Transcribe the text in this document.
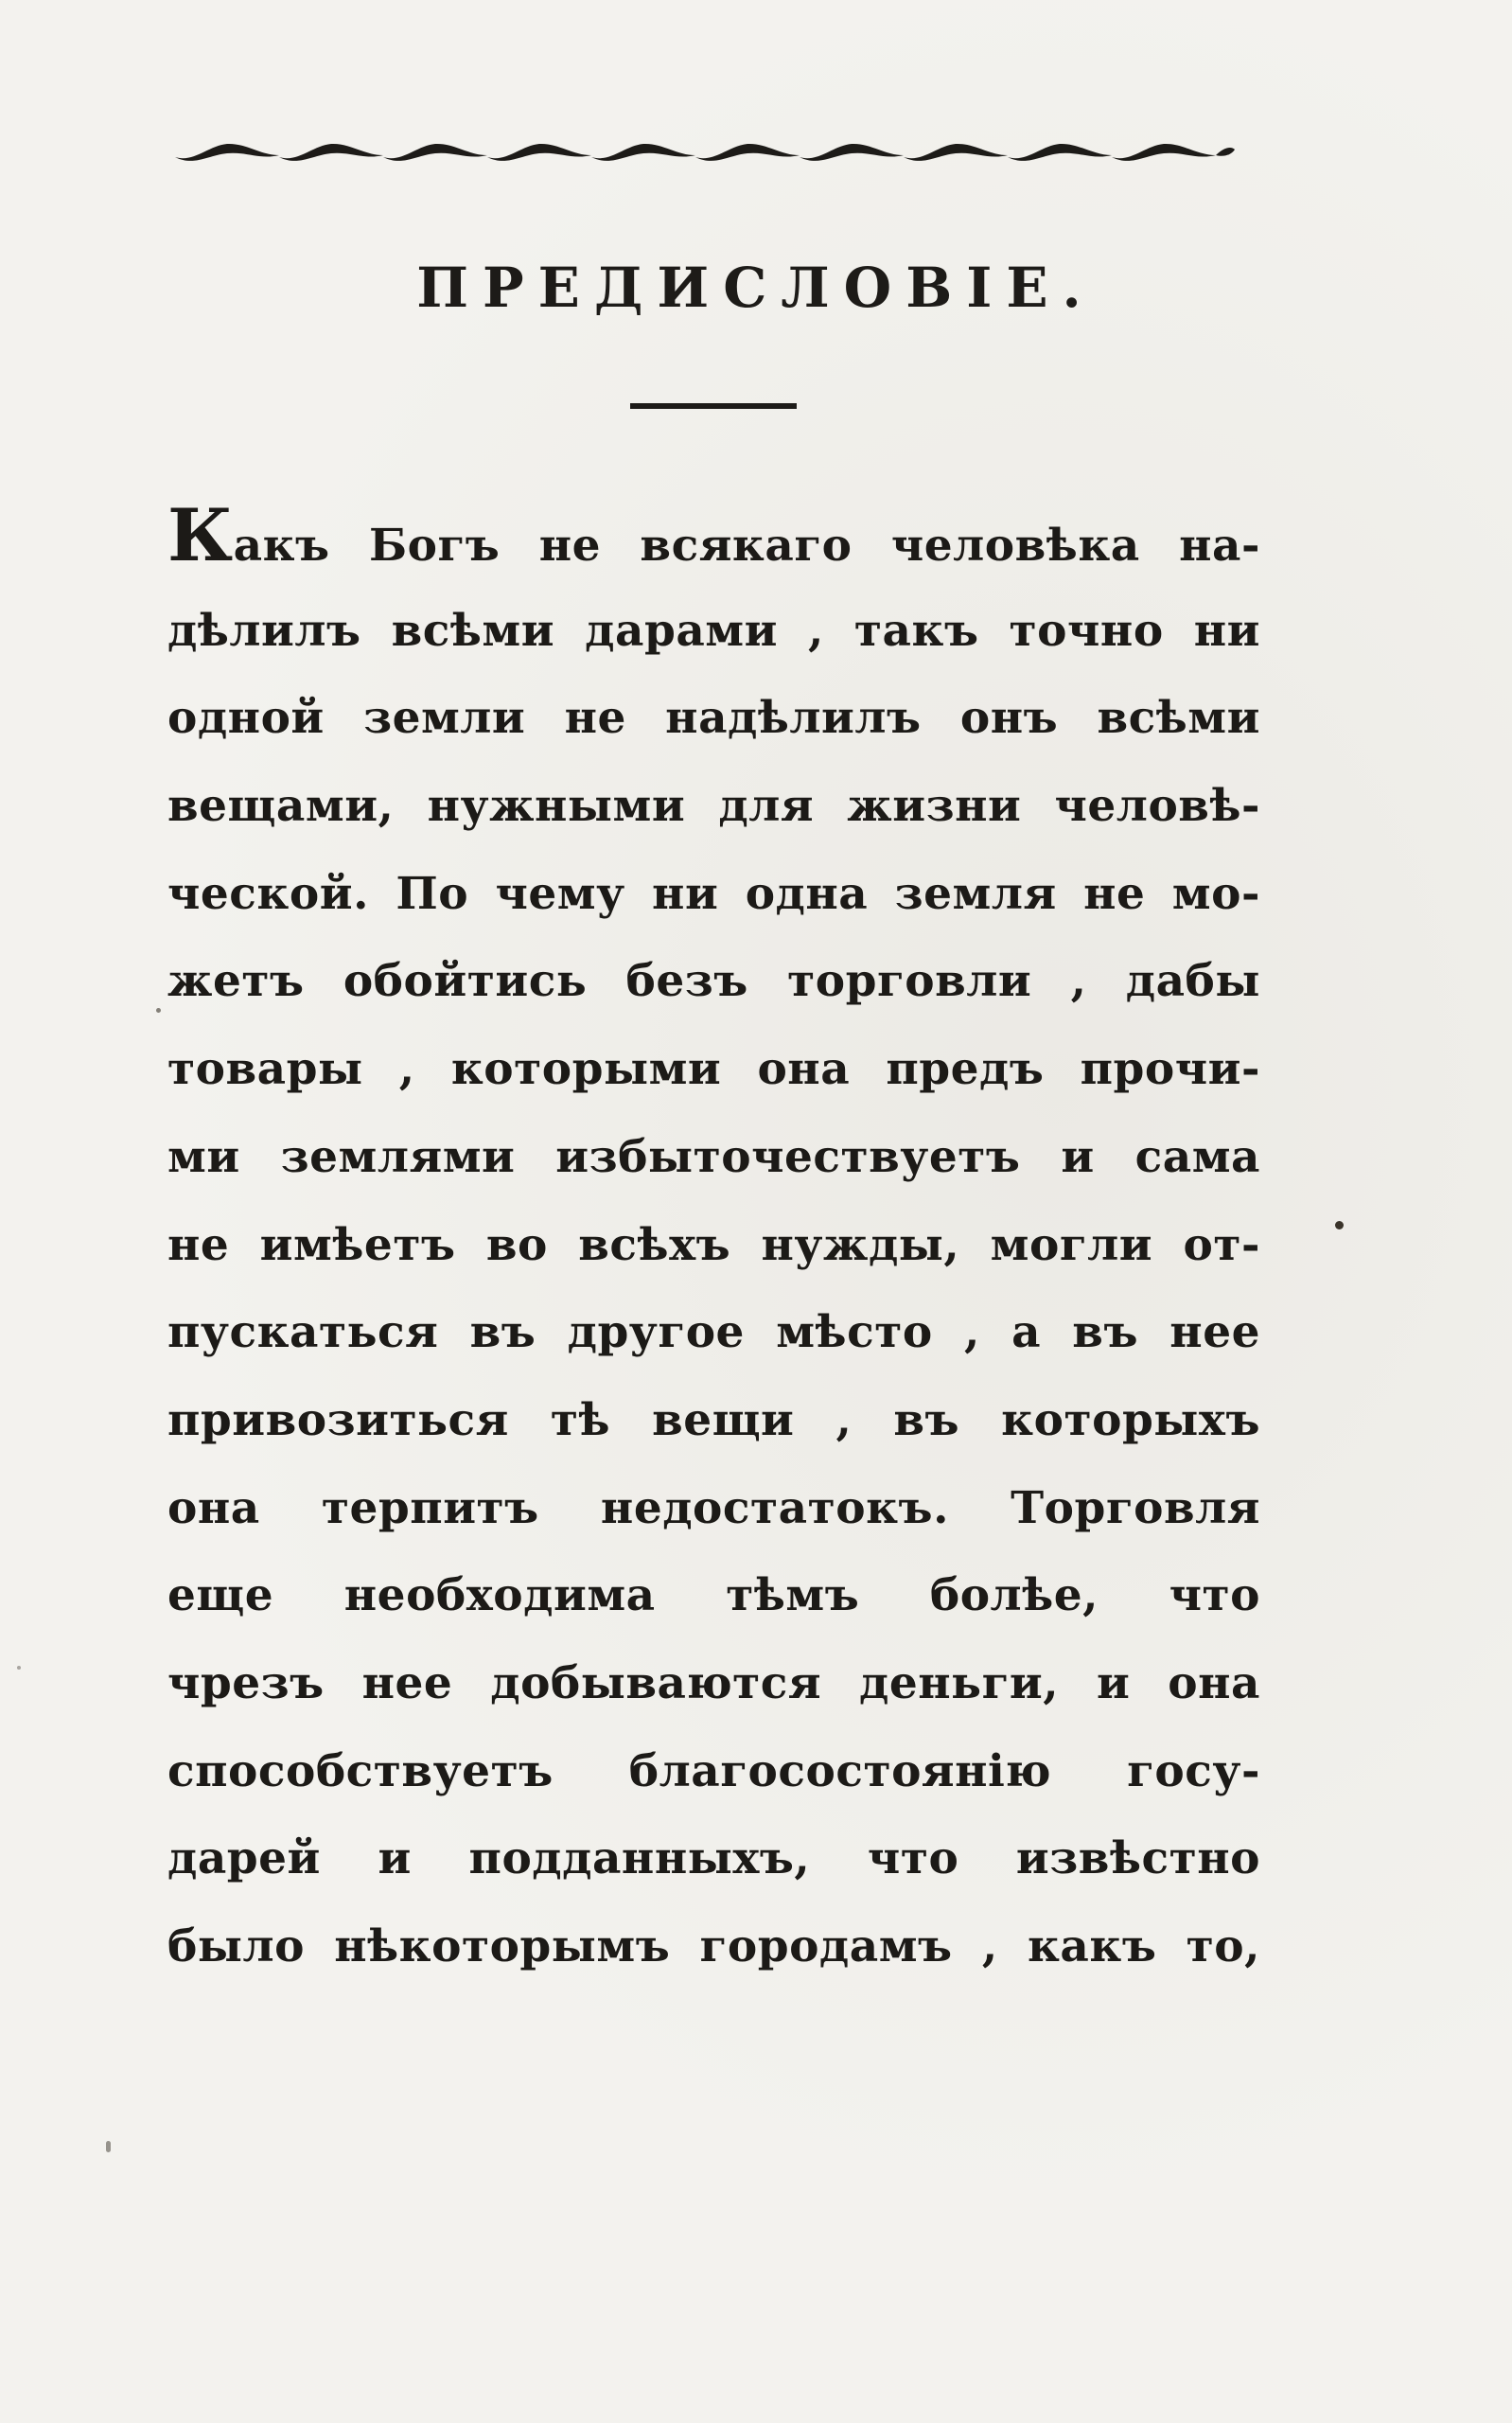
ПРЕДИСЛОВІЕ.
Какъ Богъ не всякаго человѣка на-
дѣлилъ всѣми дарами , такъ точно ни
одной земли не надѣлилъ онъ всѣми
вещами, нужными для жизни человѣ-
ческой. По чему ни одна земля не мо-
жетъ обойтись безъ торговли , дабы
товары , которыми она предъ прочи-
ми землями избыточествуетъ и сама
не имѣетъ во всѣхъ нужды, могли от-
пускаться въ другое мѣсто , а въ нее
привозиться тѣ вещи , въ которыхъ
она терпитъ недостатокъ. Торговля
еще необходима тѣмъ болѣе, что
чрезъ нее добываются деньги, и она
способствуетъ благосостоянію госу-
дарей и подданныхъ, что извѣстно
было нѣкоторымъ городамъ , какъ то,
